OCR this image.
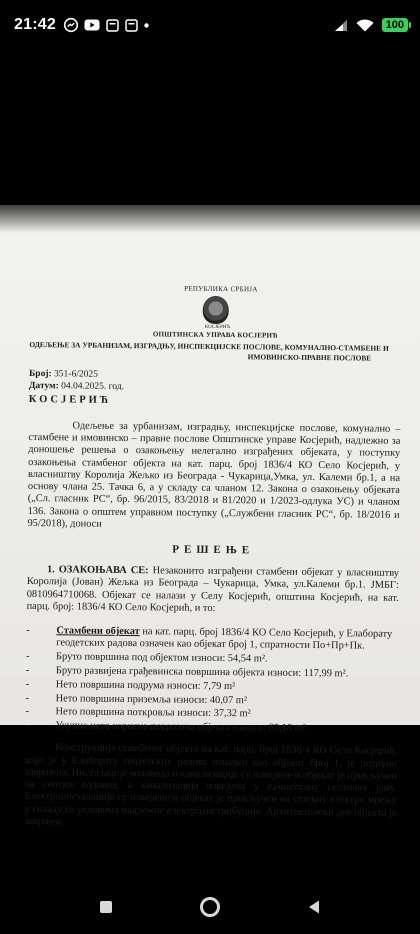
21:42	100
РЕПУБЛИКА СРБИЈА
КОСЈЕРИЋ
ОПШТИНСКА УПРАВА КОСЈЕРИЋ
ОДЕЉЕЊЕ ЗА УРБАНИЗАМ, ИЗГРАДЊУ, ИНСПЕКЦИЈСКЕ ПОСЛОВЕ, КОМУНАЛНО-СТАМБЕНЕ И
ИМОВИНСКО-ПРАВНЕ ПОСЛОВЕ
Број: 351-6/2025
Датум: 04.04.2025. год.
КОСЈЕРИЋ
Одељење за урбанизам, изградњу, инспекцијске послове, комунално – стамбене и имовинско – правне послове Општинске управе Косјерић, надлежно за доношење решења о озакоњењу нелегално изграђених објеката, у поступку озакоњења стамбеног објекта на кат. парц. број 1836/4 КО Село Косјерић, у власништву Королија Жељко из Београда - Чукарица,Умка, ул. Калеми бр.1, а на основу члана 25. Тачка 6, а у складу са чланом 12. Закона о озакоњењу објеката („Сл. гласник РС“, бр. 96/2015, 83/2018 и 81/2020 и 1/2023-одлука УС) и чланом 136. Закона о општем управном поступку („Службени гласник РС“, бр. 18/2016 и 95/2018), доноси
РЕШЕЊЕ
1. ОЗАКОЊАВА СЕ: Незаконито изграђени стамбени објекат у власништву Королија (Јован) Жељка из Београда – Чукарица, Умка, ул.Калеми бр.1. ЈМБГ: 0810964710068. Објекат се налази у Селу Косјерић, општина Косјерић, на кат. парц. број: 1836/4 КО Село Косјерић, и то:
-	Стамбени објекат на кат. парц. број 1836/4 КО Село Косјерић, у Елаборату геодетских радова означен као објекат број 1, спратности По+Пр+Пк.
-	Бруто површина под објектом износи: 54,54 m².
-	Бруто развијена грађевинска површина објекта износи: 117,99 m².
-	Нето површина подрума износи: 7,79 m²
-	Нето површина приземља износи: 40,07 m²
-	Нето површина поткровља износи: 37,32 m²
-	Укупна нето корисна површина објекта износи: 85,18 m².
Конструкција стамбеног објекта на кат. парц. број 1836/4 КО Село Косјерић, који је у Елаборату геодетских радова означен као објекат број 1, је потпуно завршена. Инсталације водовода и канализације су изведене и објекат је прикључен на сеоски водовод, а канализација изведена у самосталну септичку јаму. Електроинсталације су изведене и објекат је прикључен на спољну електро мрежу у складу са условима надлежне електродистрибуције. Архитектонски део објекта је завршен.
